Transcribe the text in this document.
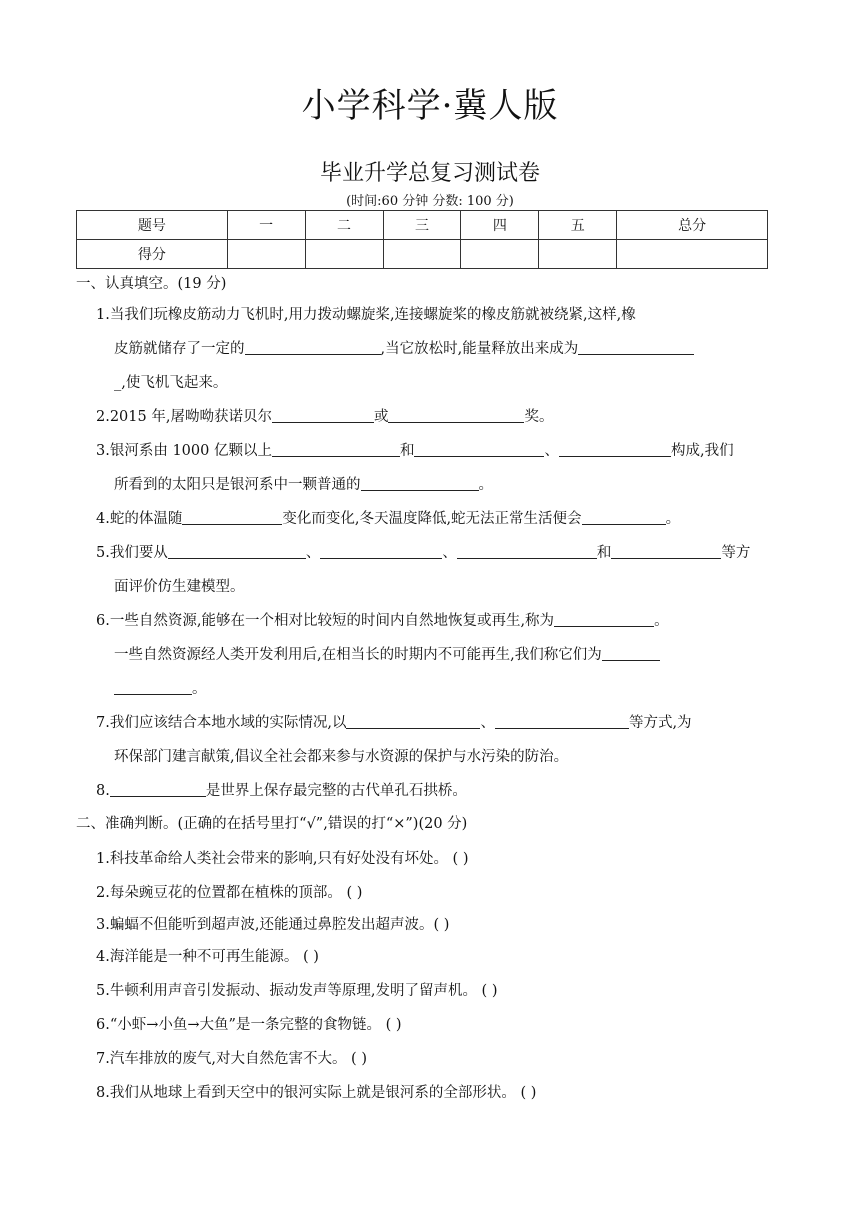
小学科学·冀人版
毕业升学总复习测试卷
(时间:60 分钟 分数: 100 分)
题号	一	二	三	四	五	总分
得分						
一、认真填空。(19 分)
1.当我们玩橡皮筋动力飞机时,用力拨动螺旋桨,连接螺旋桨的橡皮筋就被绕紧,这样,橡
皮筋就储存了一定的	,当它放松时,能量释放出来成为
_,使飞机飞起来。
2.2015 年,屠呦呦获诺贝尔	或	奖。
3.银河系由 1000 亿颗以上	和	、	构成,我们
所看到的太阳只是银河系中一颗普通的	。
4.蛇的体温随	变化而变化,冬天温度降低,蛇无法正常生活便会	。
5.我们要从	、	、	和	等方
面评价仿生建模型。
6.一些自然资源,能够在一个相对比较短的时间内自然地恢复或再生,称为	。
一些自然资源经人类开发利用后,在相当长的时期内不可能再生,我们称它们为
。
7.我们应该结合本地水域的实际情况,以	、	等方式,为
环保部门建言献策,倡议全社会都来参与水资源的保护与水污染的防治。
8.	是世界上保存最完整的古代单孔石拱桥。
二、准确判断。(正确的在括号里打“√”,错误的打“×”)(20 分)
1.科技革命给人类社会带来的影响,只有好处没有坏处。 ( )
2.每朵豌豆花的位置都在植株的顶部。 ( )
3.蝙蝠不但能听到超声波,还能通过鼻腔发出超声波。( )
4.海洋能是一种不可再生能源。 ( )
5.牛顿利用声音引发振动、振动发声等原理,发明了留声机。 ( )
6.“小虾→小鱼→大鱼”是一条完整的食物链。 ( )
7.汽车排放的废气,对大自然危害不大。 ( )
8.我们从地球上看到天空中的银河实际上就是银河系的全部形状。 ( )
